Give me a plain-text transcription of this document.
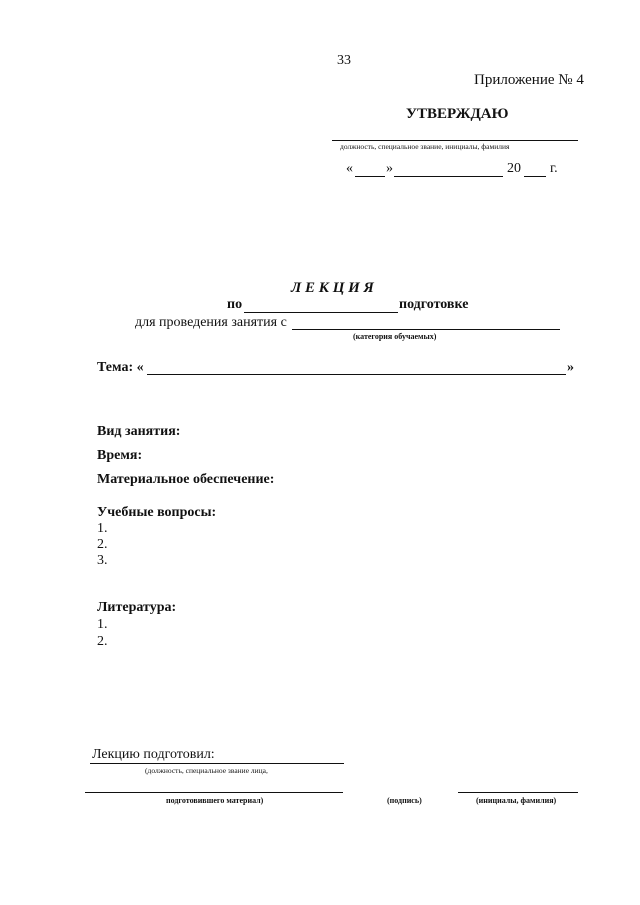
33
Приложение № 4
УТВЕРЖДАЮ
должность, специальное звание, инициалы, фамилия
« »	20 г.
Л Е К Ц И Я
по	подготовке
для проведения занятия с
(категория обучаемых)
Тема: «	»
Вид занятия:
Время:
Материальное обеспечение:
Учебные вопросы:
1.
2.
3.
Литература:
1.
2.
Лекцию подготовил:
(должность, специальное звание лица,
подготовившего материал)	(подпись)	(инициалы, фамилия)
